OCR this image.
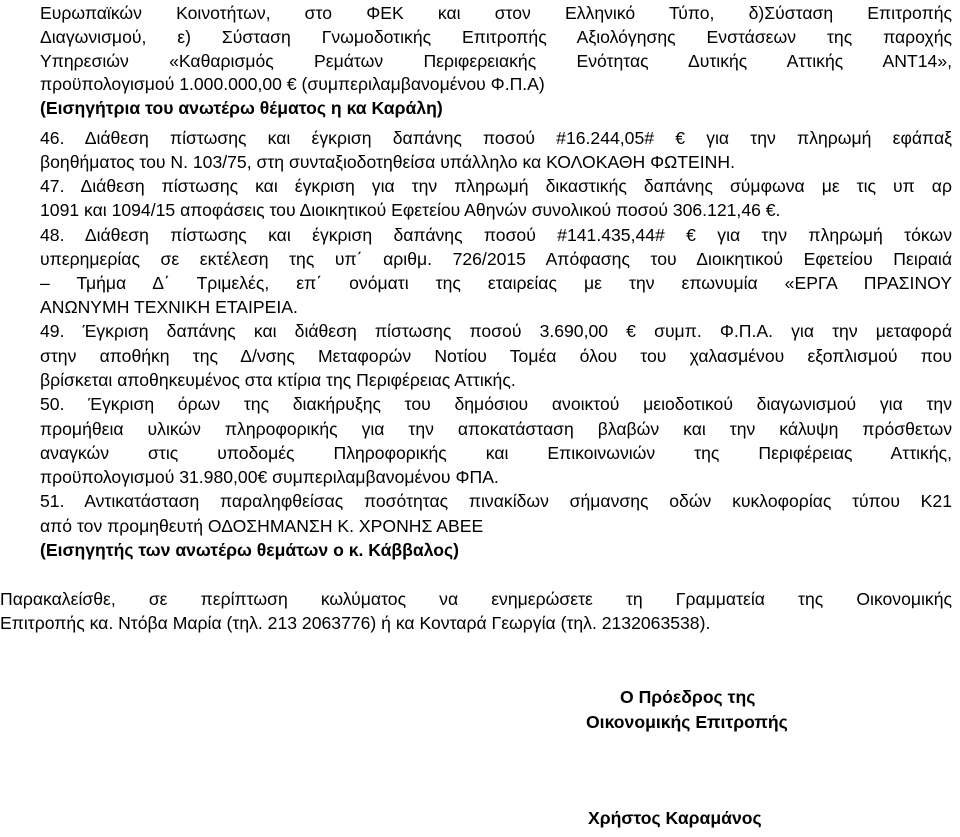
Ευρωπαϊκών Κοινοτήτων, στο ΦΕΚ και στον Ελληνικό Τύπο, δ)Σύσταση Επιτροπής
Διαγωνισμού, ε) Σύσταση Γνωμοδοτικής Επιτροπής Αξιολόγησης Ενστάσεων της παροχής
Υπηρεσιών «Καθαρισμός Ρεμάτων Περιφερειακής Ενότητας Δυτικής Αττικής ΑΝΤ14»,
προϋπολογισμού 1.000.000,00 € (συμπεριλαμβανομένου Φ.Π.Α)
(Εισηγήτρια του ανωτέρω θέματος η κα Καράλη)
46. Διάθεση πίστωσης και έγκριση δαπάνης ποσού #16.244,05# € για την πληρωμή εφάπαξ
βοηθήματος του Ν. 103/75, στη συνταξιοδοτηθείσα υπάλληλο κα ΚΟΛΟΚΑΘΗ ΦΩΤΕΙΝΗ.
47. Διάθεση πίστωσης και έγκριση για την πληρωμή δικαστικής δαπάνης σύμφωνα με τις υπ αρ
1091 και 1094/15 αποφάσεις του Διοικητικού Εφετείου Αθηνών συνολικού ποσού 306.121,46 €.
48. Διάθεση πίστωσης και έγκριση δαπάνης ποσού #141.435,44# € για την πληρωμή τόκων
υπερημερίας σε εκτέλεση της υπ΄ αριθμ. 726/2015 Απόφασης του Διοικητικού Εφετείου Πειραιά
– Τμήμα Δ΄ Τριμελές, επ΄ ονόματι της εταιρείας με την επωνυμία «ΕΡΓΑ ΠΡΑΣΙΝΟΥ
ΑΝΩΝΥΜΗ ΤΕΧΝΙΚΗ ΕΤΑΙΡΕΙΑ.
49. Έγκριση δαπάνης και διάθεση πίστωσης ποσού 3.690,00 € συμπ. Φ.Π.Α. για την μεταφορά
στην αποθήκη της Δ/νσης Μεταφορών Νοτίου Τομέα όλου του χαλασμένου εξοπλισμού που
βρίσκεται αποθηκευμένος στα κτίρια της Περιφέρειας Αττικής.
50. Έγκριση όρων της διακήρυξης του δημόσιου ανοικτού μειοδοτικού διαγωνισμού για την
προμήθεια υλικών πληροφορικής για την αποκατάσταση βλαβών και την κάλυψη πρόσθετων
αναγκών στις υποδομές Πληροφορικής και Επικοινωνιών της Περιφέρειας Αττικής,
προϋπολογισμού 31.980,00€ συμπεριλαμβανομένου ΦΠΑ.
51. Αντικατάσταση παραληφθείσας ποσότητας πινακίδων σήμανσης οδών κυκλοφορίας τύπου Κ21
από τον προμηθευτή ΟΔΟΣΗΜΑΝΣΗ Κ. ΧΡΟΝΗΣ ΑΒΕΕ
(Εισηγητής των ανωτέρω θεμάτων ο κ. Κάββαλος)
Παρακαλείσθε, σε περίπτωση κωλύματος να ενημερώσετε τη Γραμματεία της Οικονομικής
Επιτροπής κα. Ντόβα Μαρία (τηλ. 213 2063776) ή κα Κονταρά Γεωργία (τηλ. 2132063538).
Ο Πρόεδρος της
Οικονομικής Επιτροπής
Χρήστος Καραμάνος
